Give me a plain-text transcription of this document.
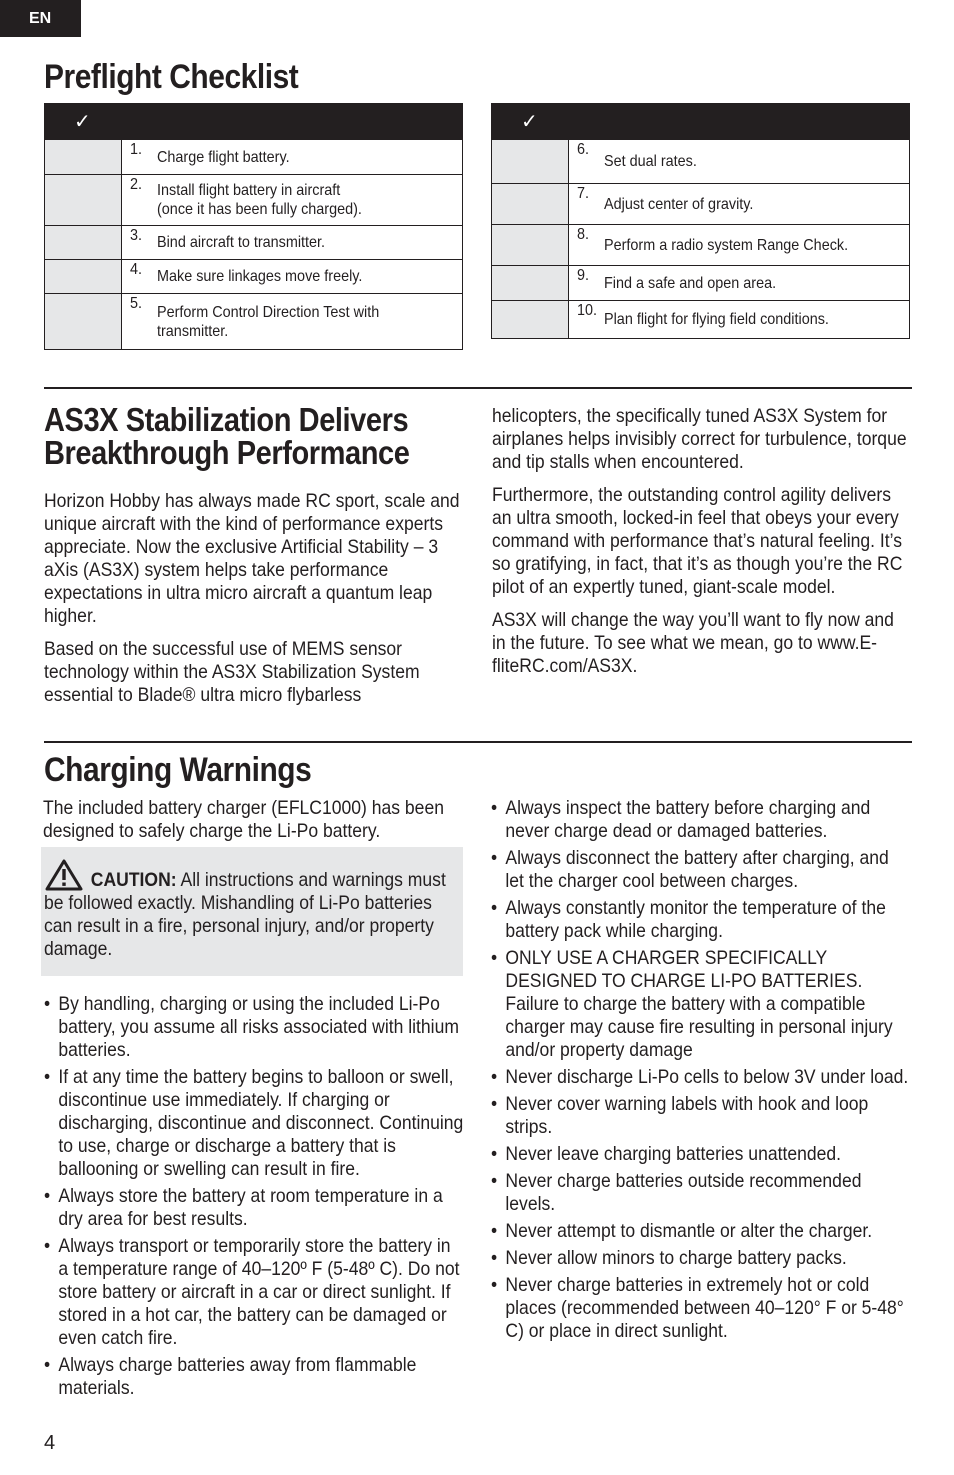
EN
Preflight Checklist
✓
1. Charge flight battery.
2. Install flight battery in aircraft
(once it has been fully charged).
3. Bind aircraft to transmitter.
4. Make sure linkages move freely.
5. Perform Control Direction Test with
transmitter.
✓
6.
Set dual rates.
7.
Adjust center of gravity.
8.
Perform a radio system Range Check.
9. Find a safe and open area.
10.
Plan flight for flying field conditions.
AS3X Stabilization Delivers
Breakthrough Performance

Horizon Hobby has always made RC sport, scale and unique aircraft with the kind of performance experts appreciate. Now the exclusive Artificial Stability – 3 aXis (AS3X) system helps take performance expectations in ultra micro aircraft a quantum leap higher.

Based on the successful use of MEMS sensor technology within the AS3X Stabilization System essential to Blade® ultra micro flybarless

helicopters, the specifically tuned AS3X System for airplanes helps invisibly correct for turbulence, torque and tip stalls when encountered.

Furthermore, the outstanding control agility delivers an ultra smooth, locked-in feel that obeys your every command with performance that’s natural feeling. It’s so gratifying, in fact, that it’s as though you’re the RC pilot of an expertly tuned, giant-scale model.

AS3X will change the way you’ll want to fly now and in the future. To see what we mean, go to www.E-fliteRC.com/AS3X.

Charging Warnings

The included battery charger (EFLC1000) has been designed to safely charge the Li-Po battery.

CAUTION: All instructions and warnings must be followed exactly. Mishandling of Li-Po batteries can result in a fire, personal injury, and/or property damage.
• By handling, charging or using the included Li-Po battery, you assume all risks associated with lithium batteries.
• If at any time the battery begins to balloon or swell, discontinue use immediately. If charging or discharging, discontinue and disconnect. Continuing to use, charge or discharge a battery that is ballooning or swelling can result in fire.
• Always store the battery at room temperature in a dry area for best results.
• Always transport or temporarily store the battery in a temperature range of 40–120º F (5-48º C). Do not store battery or aircraft in a car or direct sunlight. If stored in a hot car, the battery can be damaged or even catch fire.
• Always charge batteries away from flammable materials.
• Always inspect the battery before charging and never charge dead or damaged batteries.
• Always disconnect the battery after charging, and let the charger cool between charges.
• Always constantly monitor the temperature of the battery pack while charging.
• ONLY USE A CHARGER SPECIFICALLY DESIGNED TO CHARGE LI-PO BATTERIES. Failure to charge the battery with a compatible charger may cause fire resulting in personal injury and/or property damage
• Never discharge Li-Po cells to below 3V under load.
• Never cover warning labels with hook and loop strips.
• Never leave charging batteries unattended.
• Never charge batteries outside recommended levels.
• Never attempt to dismantle or alter the charger.
• Never allow minors to charge battery packs.
• Never charge batteries in extremely hot or cold places (recommended between 40–120° F or 5-48° C) or place in direct sunlight.
4
